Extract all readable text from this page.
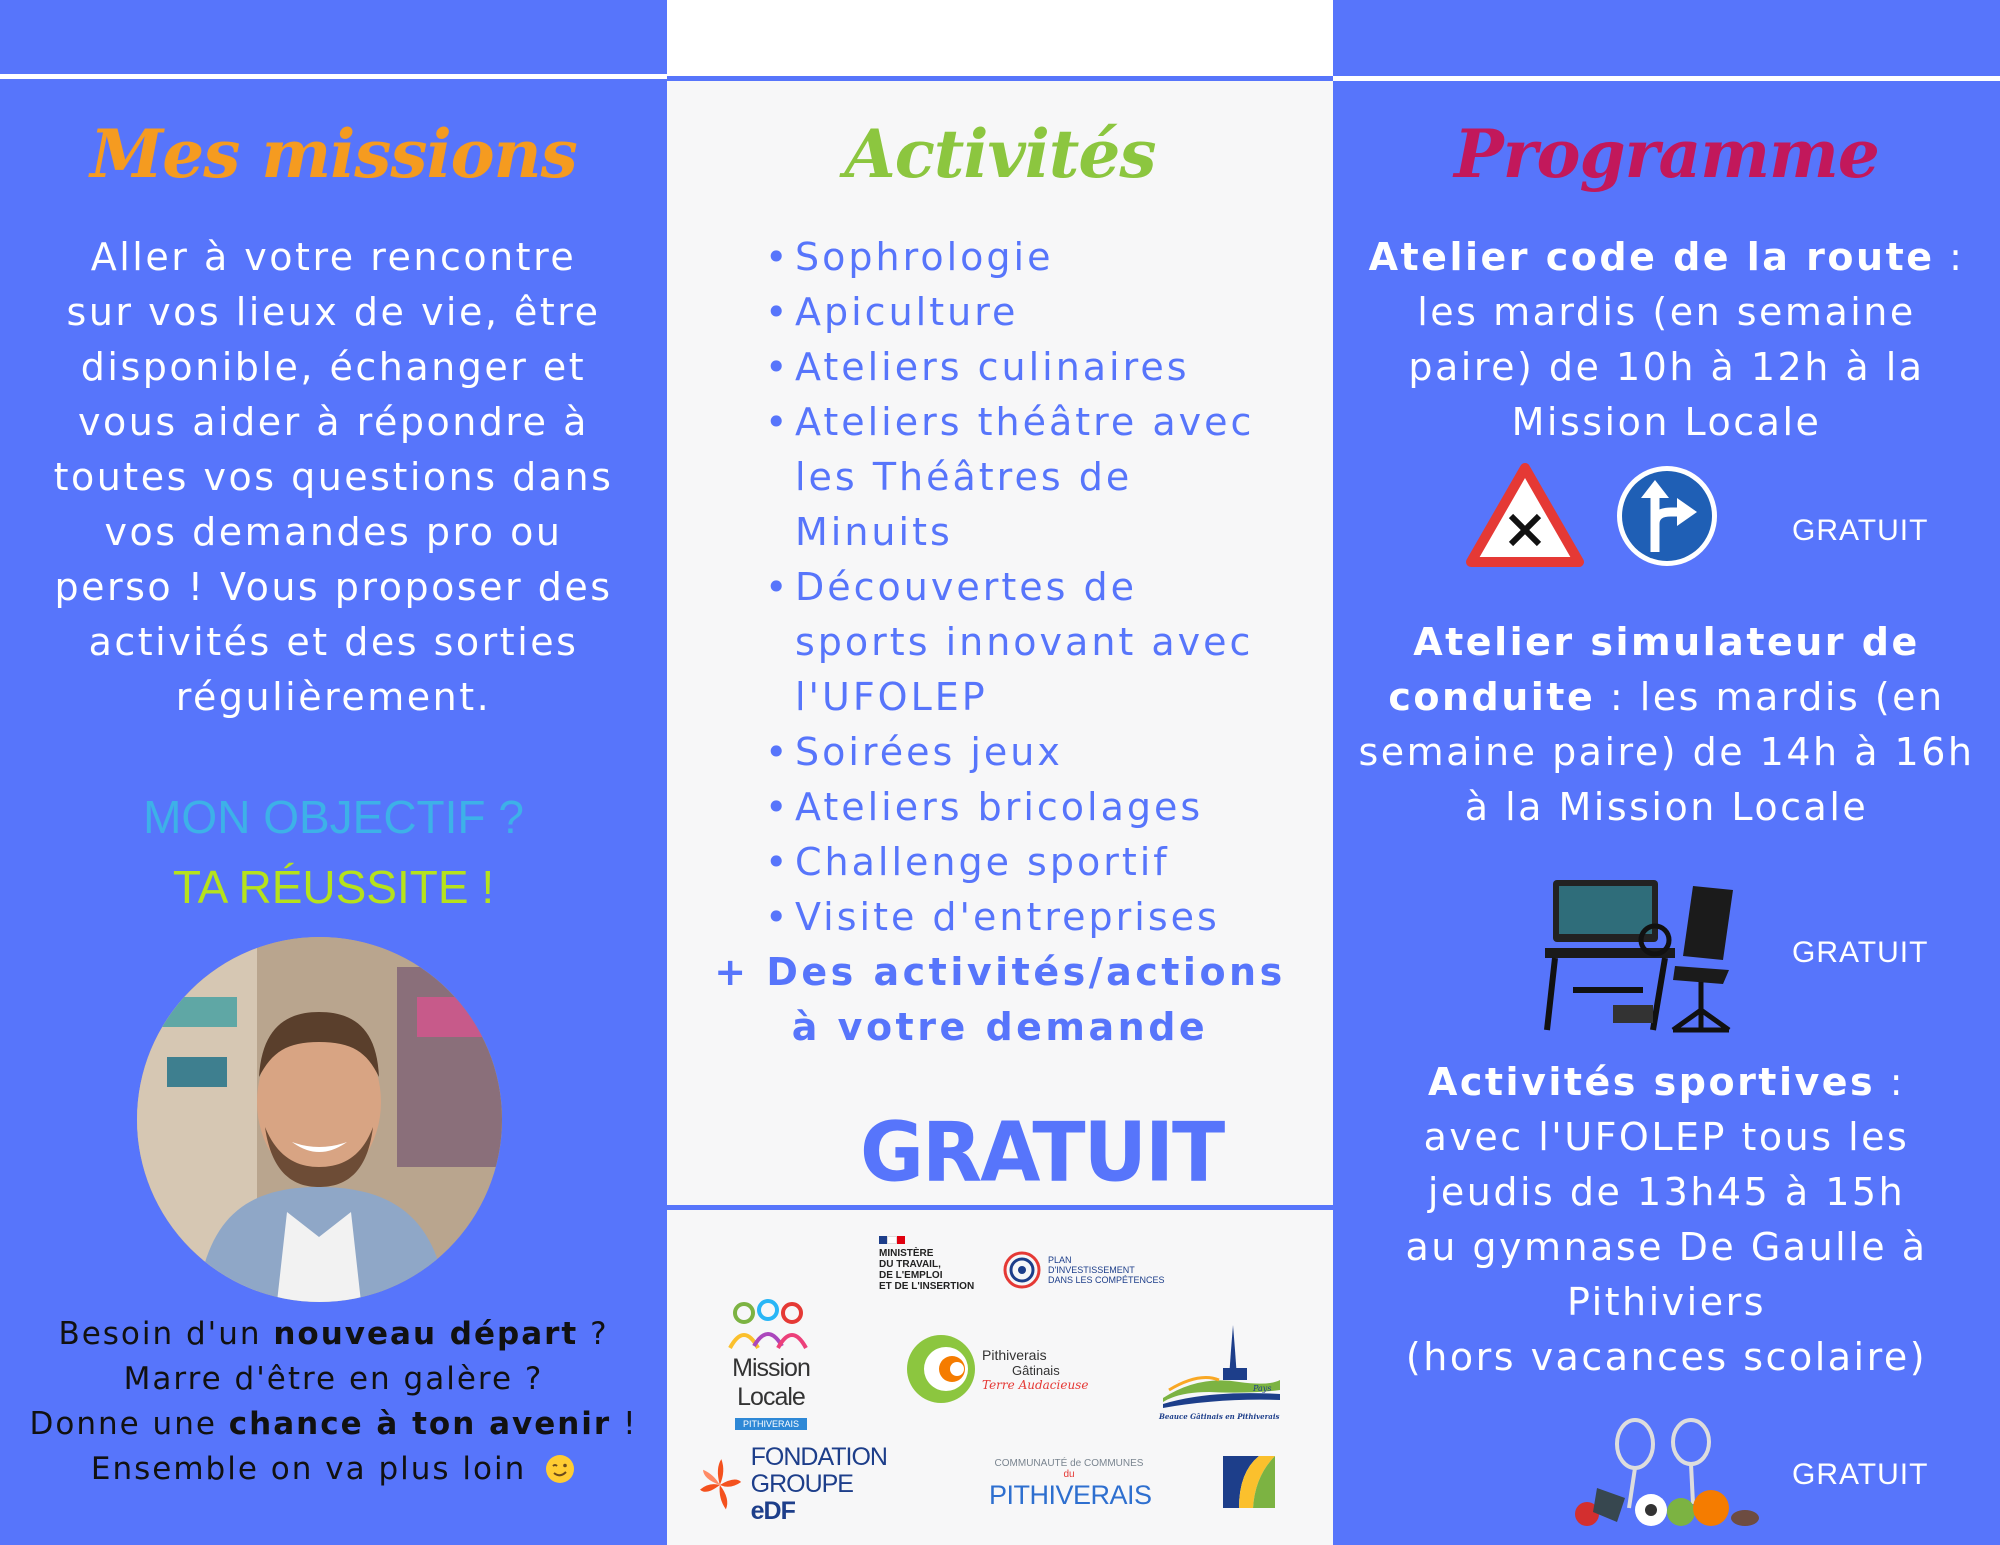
Mes missions
Aller à votre rencontre
sur vos lieux de vie, être
disponible, échanger et
vous aider à répondre à
toutes vos questions dans
vos demandes pro ou
perso ! Vous proposer des
activités et des sorties
régulièrement.
MON OBJECTIF ?
TA RÉUSSITE !
Besoin d'un nouveau départ ?
Marre d'être en galère ?
Donne une chance à ton avenir !
Ensemble on va plus loin
Activités
• Sophrologie
• Apiculture
• Ateliers culinaires
• Ateliers théâtre avec
les Théâtres de
Minuits
• Découvertes de
sports innovant avec
l'UFOLEP
• Soirées jeux
• Ateliers bricolages
• Challenge sportif
• Visite d'entreprises
+ Des activités/actions
à votre demande
GRATUIT
MINISTÈRE
DU TRAVAIL,
DE L'EMPLOI
ET DE L'INSERTION
PLAN
D'INVESTISSEMENT
DANS LES COMPÉTENCES
Mission Locale
PITHIVERAIS
Pithiverais
Gâtinais
Terre Audacieuse	Pays
Beauce Gâtinais en Pithiverais
FONDATION
GROUPE eDF
COMMUNAUTÉ de COMMUNES du
PITHIVERAIS
Programme
Atelier code de la route :
les mardis (en semaine
paire) de 10h à 12h à la
Mission Locale
GRATUIT
Atelier simulateur de
conduite : les mardis (en
semaine paire) de 14h à 16h
à la Mission Locale
GRATUIT
Activités sportives :
avec l'UFOLEP tous les
jeudis de 13h45 à 15h
au gymnase De Gaulle à
Pithiviers
(hors vacances scolaire)
GRATUIT
